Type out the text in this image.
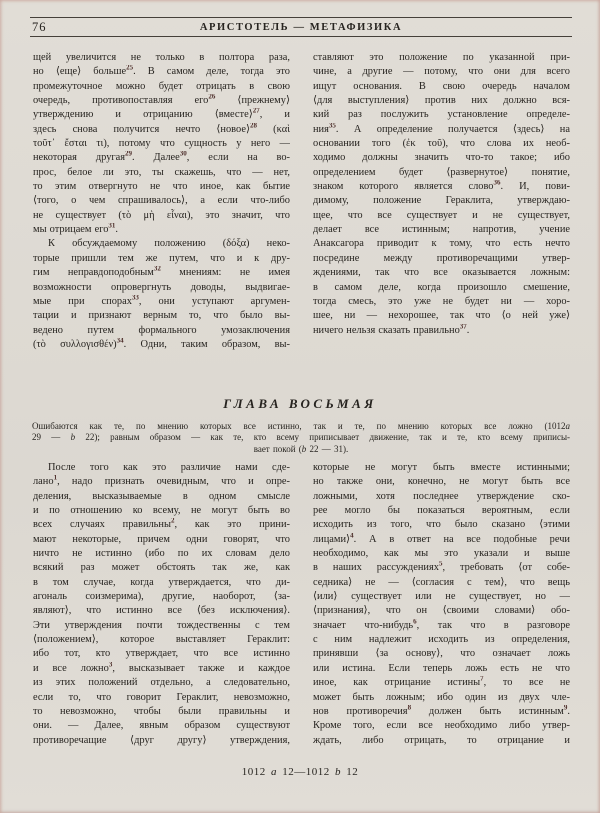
76	АРИСТОТЕЛЬ — МЕТАФИЗИКА
щей увеличится не только в полтора раза,
но ⟨еще⟩ больше$^{25}$. В самом деле, тогда это
промежуточное можно будет отрицать в свою
очередь, противопоставляя его$^{26}$ ⟨прежнему⟩
утверждению и отрицанию ⟨вместе⟩$^{27}$, и
здесь снова получится нечто ⟨новое⟩$^{28}$ (καὶ
τοῦτ᾽ ἔσται τι), потому что сущность у него —
некоторая другая$^{29}$. Далее$^{30}$, если на во-
прос, белое ли это, ты скажешь, что — нет,
то этим отвергнуто не что иное, как бытие
⟨того, о чем спрашивалось⟩, а если что-либо
не существует (τὸ μὴ εἶναι), это значит, что
мы отрицаем его$^{31}$.
К обсуждаемому положению (δόξα) неко-
торые пришли тем же путем, что и к дру-
гим неправдоподобным$^{32}$ мнениям: не имея
возможности опровергнуть доводы, выдвигае-
мые при спорах$^{33}$, они уступают аргумен-
тации и признают верным то, что было вы-
ведено путем формального умозаключения
(τὸ συλλογισθέν)$^{34}$. Одни, таким образом, вы-
ставляют это положение по указанной при-
чине, а другие — потому, что они для всего
ищут основания. В свою очередь началом
⟨для выступления⟩ против них должно вся-
кий раз послужить установление определе-
ния$^{35}$. А определение получается ⟨здесь⟩ на
основании того (ἐκ τοῦ), что слова их необ-
ходимо должны значить что-то такое; ибо
определением будет ⟨развернутое⟩ понятие,
знаком которого является слово$^{36}$. И, пови-
димому, положение Гераклита, утверждаю-
щее, что все существует и не существует,
делает все истинным; напротив, учение
Анаксагора приводит к тому, что есть нечто
посредине между противоречащими утвер-
ждениями, так что все оказывается ложным:
в самом деле, когда произошло смешение,
тогда смесь, это уже не будет ни — хоро-
шее, ни — нехорошее, так что ⟨о ней уже⟩
ничего нельзя сказать правильно$^{37}$.
ГЛАВА ВОСЬМАЯ
Ошибаются как те, по мнению которых все истинно, так и те, по мнению которых все ложно (1012a
29 — b 22); равным образом — как те, кто всему приписывает движение, так и те, кто всему приписы-
вает покой (b 22 — 31).
После того как это различие нами сде-
лано$^1$, надо признать очевидным, что и опре-
деления, высказываемые в одном смысле
и по отношению ко всему, не могут быть во
всех случаях правильны$^2$, как это прини-
мают некоторые, причем одни говорят, что
ничто не истинно (ибо по их словам дело
всякий раз может обстоять так же, как
в том случае, когда утверждается, что ди-
агональ соизмерима), другие, наоборот, ⟨за-
являют⟩, что истинно все ⟨без исключения⟩.
Эти утверждения почти тождественны с тем
⟨положением⟩, которое выставляет Гераклит:
ибо тот, кто утверждает, что все истинно
и все ложно$^3$, высказывает также и каждое
из этих положений отдельно, а следовательно,
если то, что говорит Гераклит, невозможно,
то невозможно, чтобы были правильны и
они. — Далее, явным образом существуют
противоречащие ⟨друг другу⟩ утверждения,
которые не могут быть вместе истинными;
но также они, конечно, не могут быть все
ложными, хотя последнее утверждение ско-
рее могло бы показаться вероятным, если
исходить из того, что было сказано ⟨этими
лицами⟩$^4$. А в ответ на все подобные речи
необходимо, как мы это указали и выше
в наших рассуждениях$^5$, требовать ⟨от собе-
седника⟩ не — ⟨согласия с тем⟩, что вещь
⟨или⟩ существует или не существует, но —
⟨признания⟩, что он ⟨своими словами⟩ обо-
значает что-нибудь$^6$, так что в разговоре
с ним надлежит исходить из определения,
принявши ⟨за основу⟩, что означает ложь
или истина. Если теперь ложь есть не что
иное, как отрицание истины$^7$, то все не
может быть ложным; ибо один из двух чле-
нов противоречия$^8$ должен быть истинным$^9$.
Кроме того, если все необходимо либо утвер-
ждать, либо отрицать, то отрицание и
1012 a 12—1012 b 12
